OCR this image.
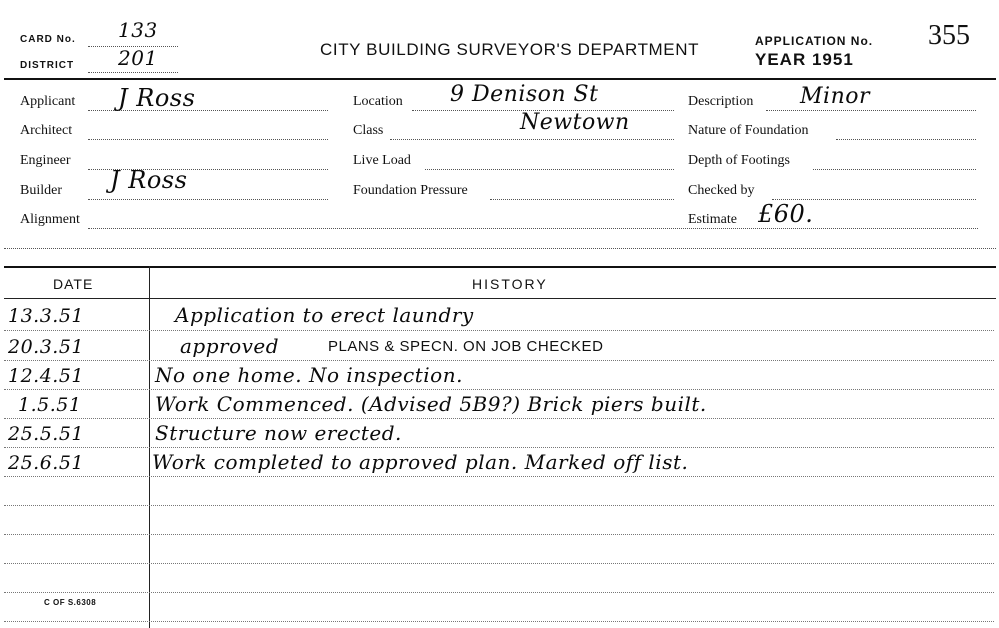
CARD No. 133
DISTRICT 201	CITY BUILDING SURVEYOR'S DEPARTMENT	APPLICATION No. 355
YEAR 1951
Applicant J Ross
Architect
Engineer
Builder J Ross
Alignment
Location 9 Denison St
Class	Newtown
Live Load
Foundation Pressure
Description Minor
Nature of Foundation
Depth of Footings
Checked by
Estimate £60.
DATE	HISTORY
13.3.51	Application to erect laundry
20.3.51	approved	PLANS & SPECN. ON JOB CHECKED
12.4.51	No one home. No inspection.
1.5.51	Work Commenced. (Advised 5B9?) Brick piers built.
25.5.51	Structure now erected.
25.6.51	Work completed to approved plan. Marked off list.
C OF S.6308
